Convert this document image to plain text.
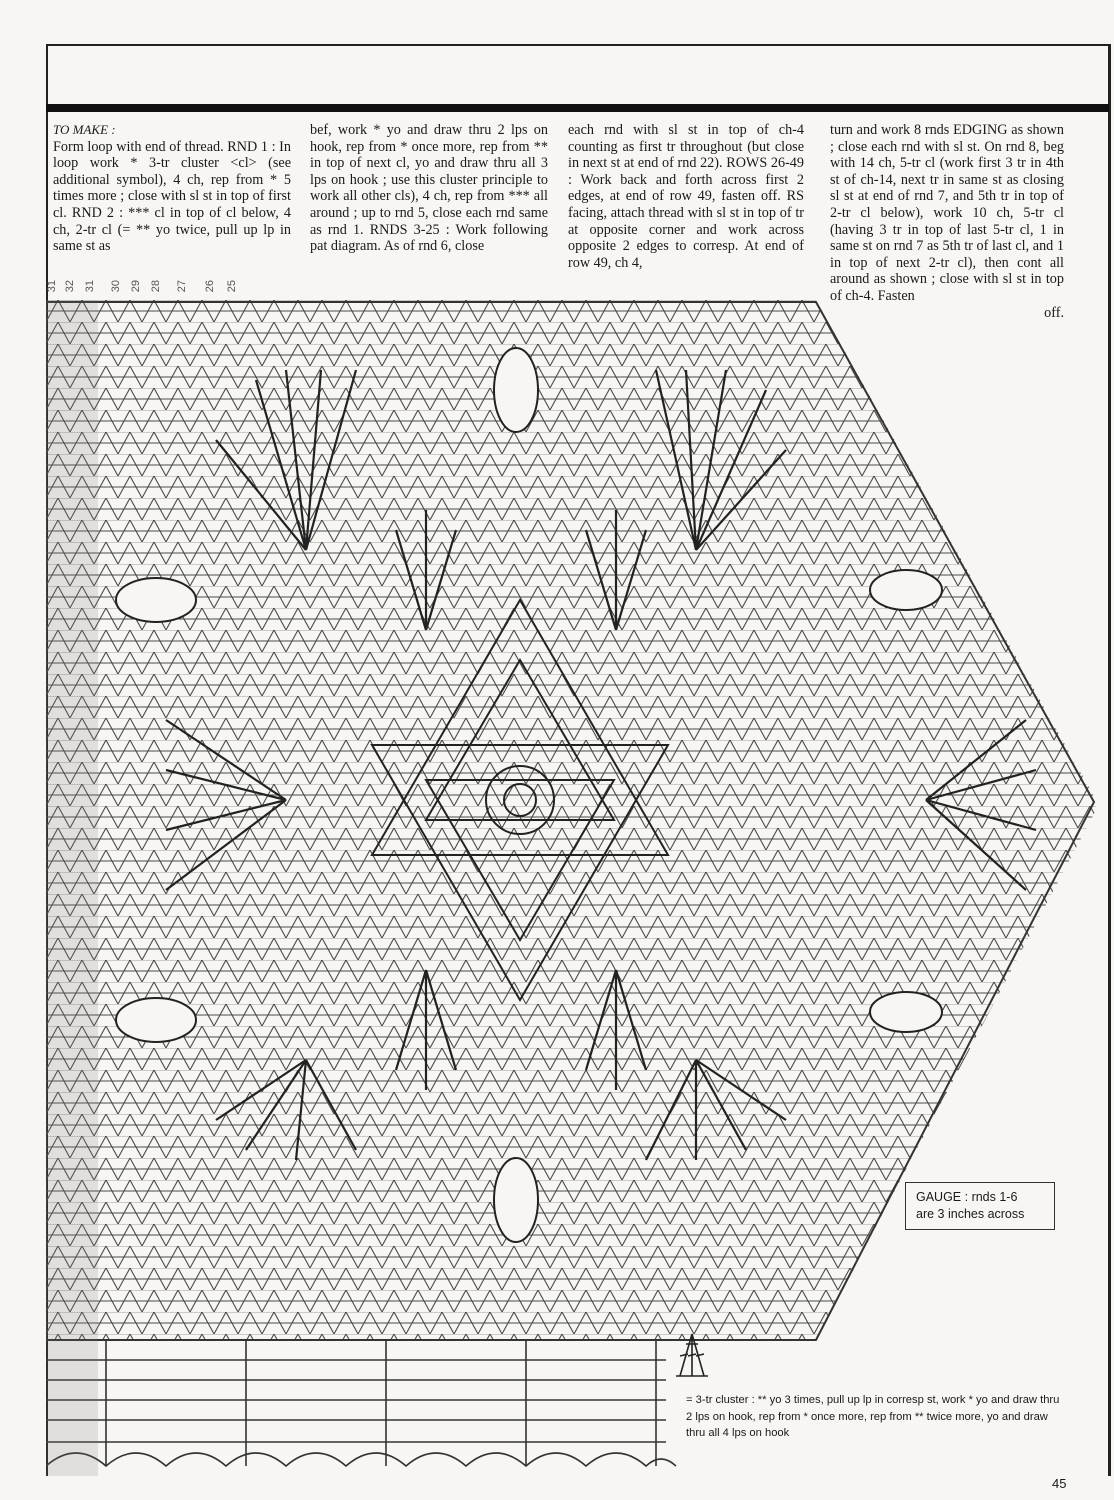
TO MAKE :

Form loop with end of thread. RND 1 : In loop work * 3-tr cluster <cl> (see additional symbol), 4 ch, rep from * 5 times more ; close with sl st in top of first cl. RND 2 : *** cl in top of cl below, 4 ch, 2-tr cl (= ** yo twice, pull up lp in same st as

bef, work * yo and draw thru 2 lps on hook, rep from * once more, rep from ** in top of next cl, yo and draw thru all 3 lps on hook ; use this cluster principle to work all other cls), 4 ch, rep from *** all around ; up to rnd 5, close each rnd same as rnd 1. RNDS 3-25 : Work following pat diagram. As of rnd 6, close

each rnd with sl st in top of ch-4 counting as first tr throughout (but close in next st at end of rnd 22). ROWS 26-49 : Work back and forth across first 2 edges, at end of row 49, fasten off. RS facing, attach thread with sl st in top of tr at opposite corner and work across opposite 2 edges to corresp. At end of row 49, ch 4,

turn and work 8 rnds EDGING as shown ; close each rnd with sl st. On rnd 8, beg with 14 ch, 5-tr cl (work first 3 tr in 4th st of ch-14, next tr in same st as closing sl st at end of rnd 7, and 5th tr in top of 2-tr cl below), work 10 ch, 5-tr cl (having 3 tr in top of last 5-tr cl, 1 in same st on rnd 7 as 5th tr of last cl, and 1 in top of next 2-tr cl), then cont all around as shown ; close with sl st in top of ch-4. Fasten

off.
31 32 31 30 29 28 27 26 25
GAUGE : rnds 1-6
are 3 inches across
= 3-tr cluster : ** yo 3 times, pull up lp in corresp st, work * yo and draw thru 2 lps on hook, rep from * once more, rep from ** twice more, yo and draw thru all 4 lps on hook
45
